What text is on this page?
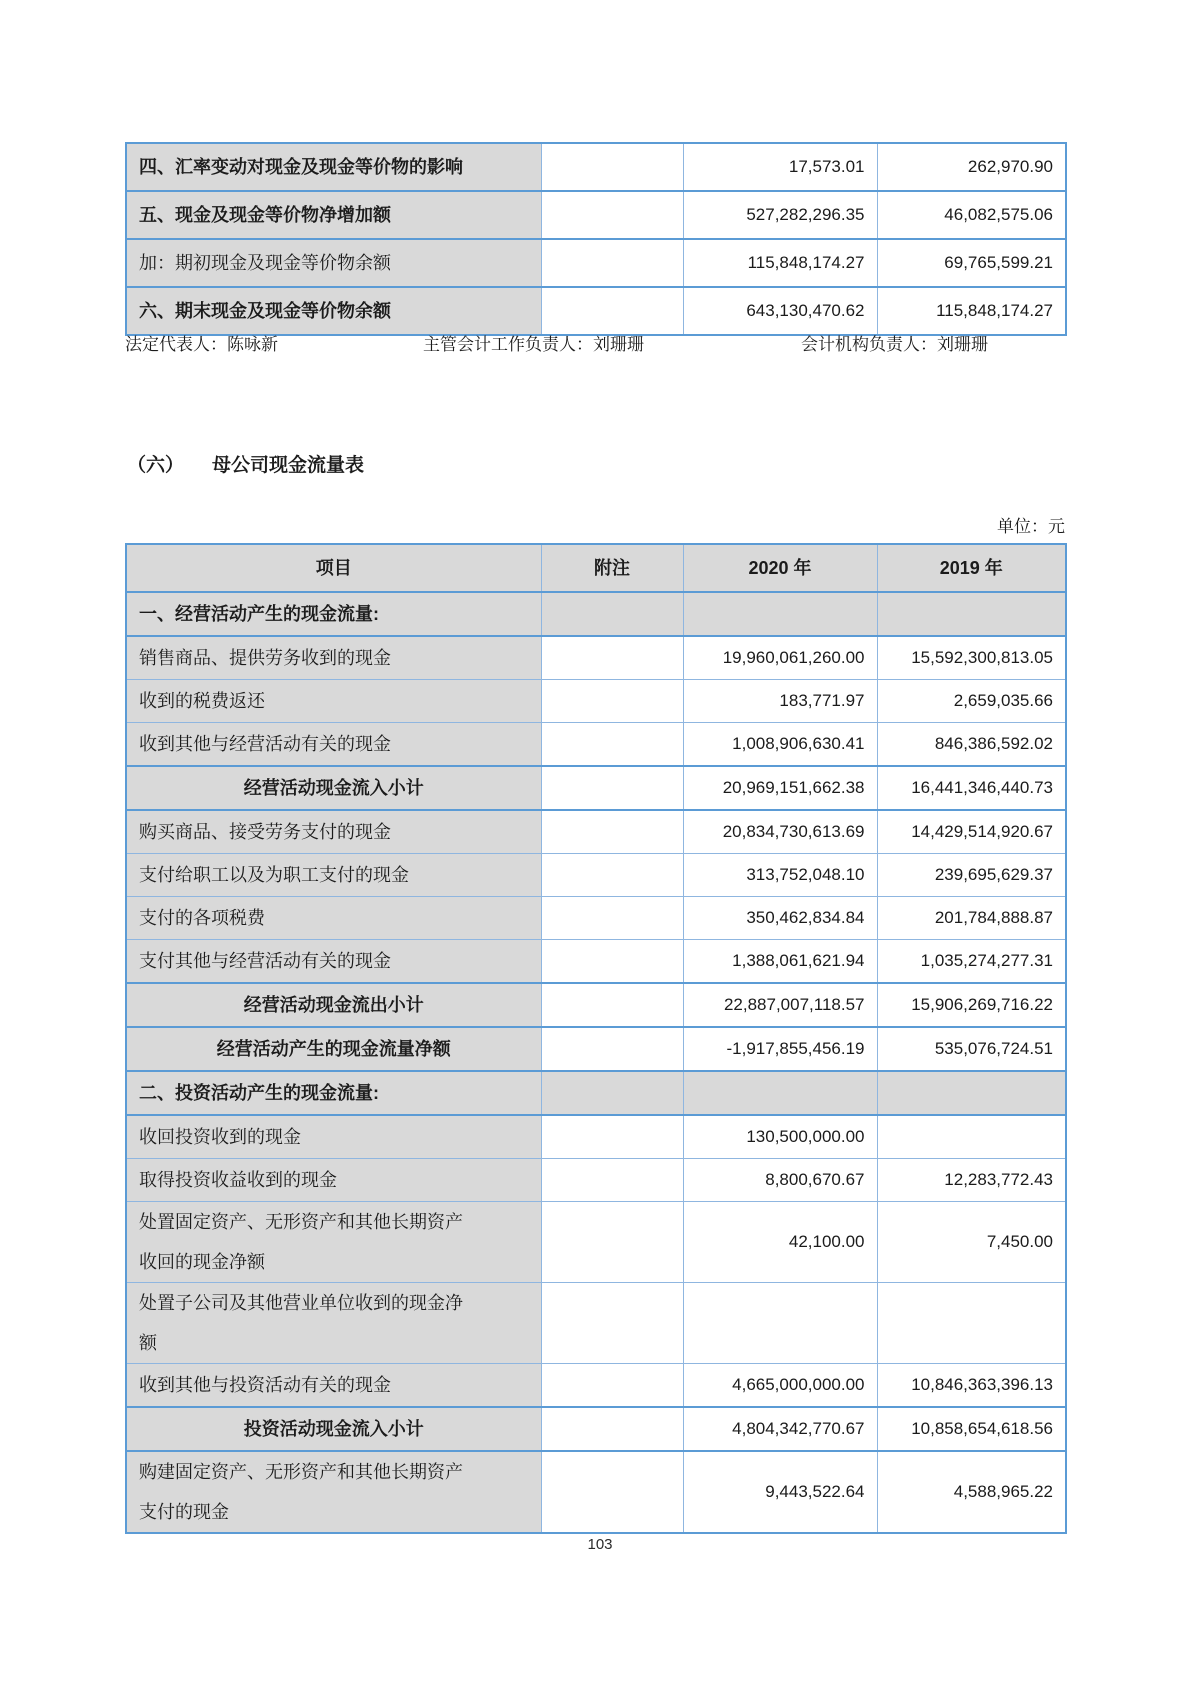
四、汇率变动对现金及现金等价物的影响		17,573.01	262,970.90
五、现金及现金等价物净增加额		527,282,296.35	46,082,575.06
加：期初现金及现金等价物余额		115,848,174.27	69,765,599.21
六、期末现金及现金等价物余额		643,130,470.62	115,848,174.27
法定代表人：陈咏新	主管会计工作负责人：刘珊珊	会计机构负责人：刘珊珊
（六） 母公司现金流量表
单位：元
项目	附注	2020 年	2019 年
一、经营活动产生的现金流量:			
销售商品、提供劳务收到的现金		19,960,061,260.00	15,592,300,813.05
收到的税费返还		183,771.97	2,659,035.66
收到其他与经营活动有关的现金		1,008,906,630.41	846,386,592.02
经营活动现金流入小计		20,969,151,662.38	16,441,346,440.73
购买商品、接受劳务支付的现金		20,834,730,613.69	14,429,514,920.67
支付给职工以及为职工支付的现金		313,752,048.10	239,695,629.37
支付的各项税费		350,462,834.84	201,784,888.87
支付其他与经营活动有关的现金		1,388,061,621.94	1,035,274,277.31
经营活动现金流出小计		22,887,007,118.57	15,906,269,716.22
经营活动产生的现金流量净额		-1,917,855,456.19	535,076,724.51
二、投资活动产生的现金流量:			
收回投资收到的现金		130,500,000.00	
取得投资收益收到的现金		8,800,670.67	12,283,772.43
处置固定资产、无形资产和其他长期资产收回的现金净额		42,100.00	7,450.00
处置子公司及其他营业单位收到的现金净额			
收到其他与投资活动有关的现金		4,665,000,000.00	10,846,363,396.13
投资活动现金流入小计		4,804,342,770.67	10,858,654,618.56
购建固定资产、无形资产和其他长期资产支付的现金		9,443,522.64	4,588,965.22
103
